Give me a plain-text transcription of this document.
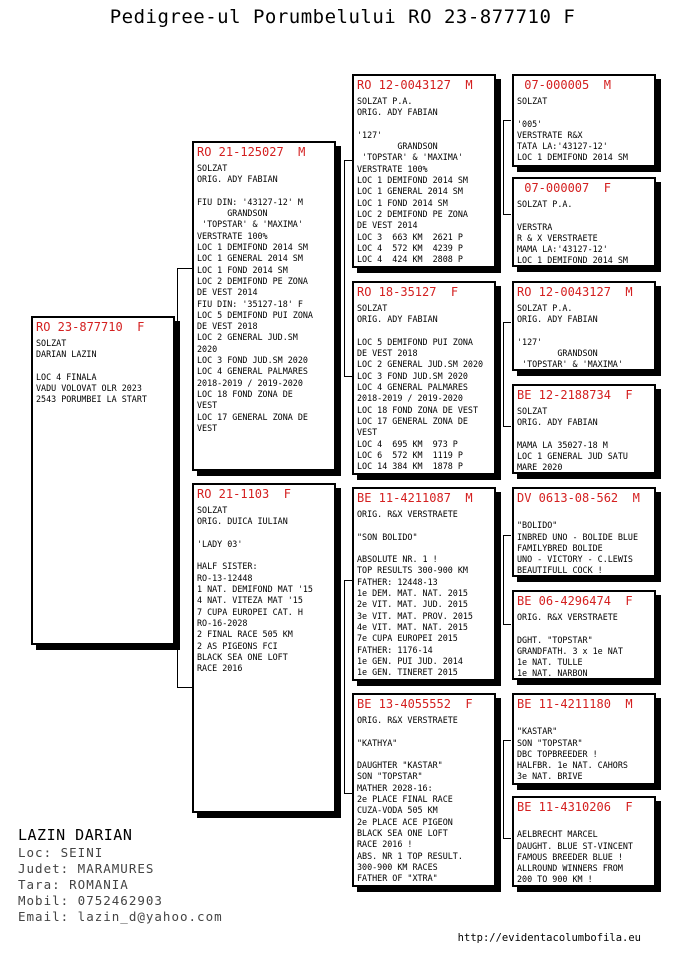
Pedigree-ul Porumbelului RO 23-877710 F
RO 23-877710  F
SOLZAT
DARIAN LAZIN

LOC 4 FINALA
VADU VOLOVAT OLR 2023
2543 PORUMBEI LA START
RO 21-125027  M
SOLZAT
ORIG. ADY FABIAN

FIU DIN: '43127-12' M
GRANDSON
'TOPSTAR' & 'MAXIMA'
VERSTRATE 100%
LOC 1 DEMIFOND 2014 SM
LOC 1 GENERAL 2014 SM
LOC 1 FOND 2014 SM
LOC 2 DEMIFOND PE ZONA
DE VEST 2014
FIU DIN: '35127-18' F
LOC 5 DEMIFOND PUI ZONA
DE VEST 2018
LOC 2 GENERAL JUD.SM
2020
LOC 3 FOND JUD.SM 2020
LOC 4 GENERAL PALMARES
2018-2019 / 2019-2020
LOC 18 FOND ZONA DE
VEST
LOC 17 GENERAL ZONA DE
VEST
RO 21-1103  F
SOLZAT
ORIG. DUICA IULIAN

'LADY 03'

HALF SISTER:
RO-13-12448
1 NAT. DEMIFOND MAT '15
4 NAT. VITEZA MAT '15
7 CUPA EUROPEI CAT. H
RO-16-2028
2 FINAL RACE 505 KM
2 AS PIGEONS FCI
BLACK SEA ONE LOFT
RACE 2016
RO 12-0043127  M
SOLZAT P.A.
ORIG. ADY FABIAN

'127'
GRANDSON
'TOPSTAR' & 'MAXIMA'
VERSTRATE 100%
LOC 1 DEMIFOND 2014 SM
LOC 1 GENERAL 2014 SM
LOC 1 FOND 2014 SM
LOC 2 DEMIFOND PE ZONA
DE VEST 2014
LOC 3  663 KM  2621 P
LOC 4  572 KM  4239 P
LOC 4  424 KM  2808 P
RO 18-35127  F
SOLZAT
ORIG. ADY FABIAN

LOC 5 DEMIFOND PUI ZONA
DE VEST 2018
LOC 2 GENERAL JUD.SM 2020
LOC 3 FOND JUD.SM 2020
LOC 4 GENERAL PALMARES
2018-2019 / 2019-2020
LOC 18 FOND ZONA DE VEST
LOC 17 GENERAL ZONA DE
VEST
LOC 4  695 KM  973 P
LOC 6  572 KM  1119 P
LOC 14 384 KM  1878 P
BE 11-4211087  M
ORIG. R&X VERSTRAETE

"SON BOLIDO"

ABSOLUTE NR. 1 !
TOP RESULTS 300-900 KM
FATHER: 12448-13
1e DEM. MAT. NAT. 2015
2e VIT. MAT. JUD. 2015
3e VIT. MAT. PROV. 2015
4e VIT. MAT. NAT. 2015
7e CUPA EUROPEI 2015
FATHER: 1176-14
1e GEN. PUI JUD. 2014
1e GEN. TINERET 2015
BE 13-4055552  F
ORIG. R&X VERSTRAETE

"KATHYA"

DAUGHTER "KASTAR"
SON "TOPSTAR"
MATHER 2028-16:
2e PLACE FINAL RACE
CUZA-VODA 505 KM
2e PLACE ACE PIGEON
BLACK SEA ONE LOFT
RACE 2016 !
ABS. NR 1 TOP RESULT.
300-900 KM RACES
FATHER OF "XTRA"
07-000005  M
SOLZAT

'005'
VERSTRATE R&X
TATA LA:'43127-12'
LOC 1 DEMIFOND 2014 SM
07-000007  F
SOLZAT P.A.

VERSTRA
R & X VERSTRAETE
MAMA LA:'43127-12'
LOC 1 DEMIFOND 2014 SM
RO 12-0043127  M
SOLZAT P.A.
ORIG. ADY FABIAN

'127'
GRANDSON
'TOPSTAR' & 'MAXIMA'
BE 12-2188734  F
SOLZAT
ORIG. ADY FABIAN

MAMA LA 35027-18 M
LOC 1 GENERAL JUD SATU
MARE 2020
DV 0613-08-562  M

"BOLIDO"
INBRED UNO - BOLIDE BLUE
FAMILYBRED BOLIDE
UNO - VICTORY - C.LEWIS
BEAUTIFULL COCK !
BE 06-4296474  F
ORIG. R&X VERSTRAETE

DGHT. "TOPSTAR"
GRANDFATH. 3 x 1e NAT
1e NAT. TULLE
1e NAT. NARBON
BE 11-4211180  M

"KASTAR"
SON "TOPSTAR"
DBC TOPBREEDER !
HALFBR. 1e NAT. CAHORS
3e NAT. BRIVE
BE 11-4310206  F

AELBRECHT MARCEL
DAUGHT. BLUE ST-VINCENT
FAMOUS BREEDER BLUE !
ALLROUND WINNERS FROM
200 TO 900 KM !
LAZIN DARIAN
Loc: SEINI
Judet: MARAMURES
Tara: ROMANIA
Mobil: 0752462903
Email: lazin_d@yahoo.com
http://evidentacolumbofila.eu
